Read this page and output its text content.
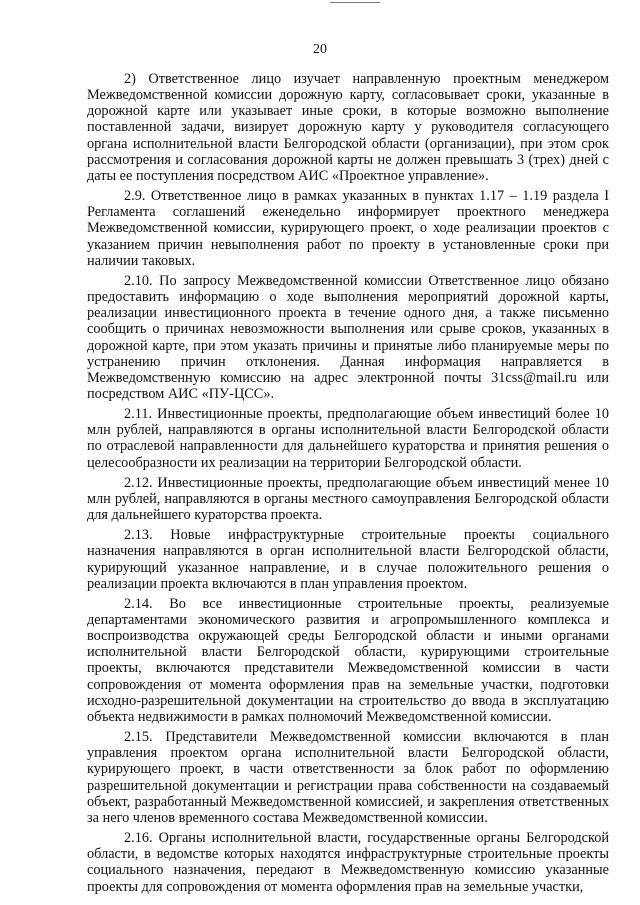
20

2) Ответственное лицо изучает направленную проектным менеджером Межведомственной комиссии дорожную карту, согласовывает сроки, указанные в дорожной карте или указывает иные сроки, в которые возможно выполнение поставленной задачи, визирует дорожную карту у руководителя согласующего органа исполнительной власти Белгородской области (организации), при этом срок рассмотрения и согласования дорожной карты не должен превышать 3 (трех) дней с даты ее поступления посредством АИС «Проектное управление».

2.9. Ответственное лицо в рамках указанных в пунктах 1.17 – 1.19 раздела I Регламента соглашений еженедельно информирует проектного менеджера Межведомственной комиссии, курирующего проект, о ходе реализации проектов с указанием причин невыполнения работ по проекту в установленные сроки при наличии таковых.

2.10. По запросу Межведомственной комиссии Ответственное лицо обязано предоставить информацию о ходе выполнения мероприятий дорожной карты, реализации инвестиционного проекта в течение одного дня, а также письменно сообщить о причинах невозможности выполнения или срыве сроков, указанных в дорожной карте, при этом указать причины и принятые либо планируемые меры по устранению причин отклонения. Данная информация направляется в Межведомственную комиссию на адрес электронной почты 31css@mail.ru или посредством АИС «ПУ-ЦСС».

2.11. Инвестиционные проекты, предполагающие объем инвестиций более 10 млн рублей, направляются в органы исполнительной власти Белгородской области по отраслевой направленности для дальнейшего кураторства и принятия решения о целесообразности их реализации на территории Белгородской области.

2.12. Инвестиционные проекты, предполагающие объем инвестиций менее 10 млн рублей, направляются в органы местного самоуправления Белгородской области для дальнейшего кураторства проекта.

2.13. Новые инфраструктурные строительные проекты социального назначения направляются в орган исполнительной власти Белгородской области, курирующий указанное направление, и в случае положительного решения о реализации проекта включаются в план управления проектом.

2.14. Во все инвестиционные строительные проекты, реализуемые департаментами экономического развития и агропромышленного комплекса и воспроизводства окружающей среды Белгородской области и иными органами исполнительной власти Белгородской области, курирующими строительные проекты, включаются представители Межведомственной комиссии в части сопровождения от момента оформления прав на земельные участки, подготовки исходно-разрешительной документации на строительство до ввода в эксплуатацию объекта недвижимости в рамках полномочий Межведомственной комиссии.

2.15. Представители Межведомственной комиссии включаются в план управления проектом органа исполнительной власти Белгородской области, курирующего проект, в части ответственности за блок работ по оформлению разрешительной документации и регистрации права собственности на создаваемый объект, разработанный Межведомственной комиссией, и закрепления ответственных за него членов временного состава Межведомственной комиссии.

2.16. Органы исполнительной власти, государственные органы Белгородской области, в ведомстве которых находятся инфраструктурные строительные проекты социального назначения, передают в Межведомственную комиссию указанные проекты для сопровождения от момента оформления прав на земельные участки,
